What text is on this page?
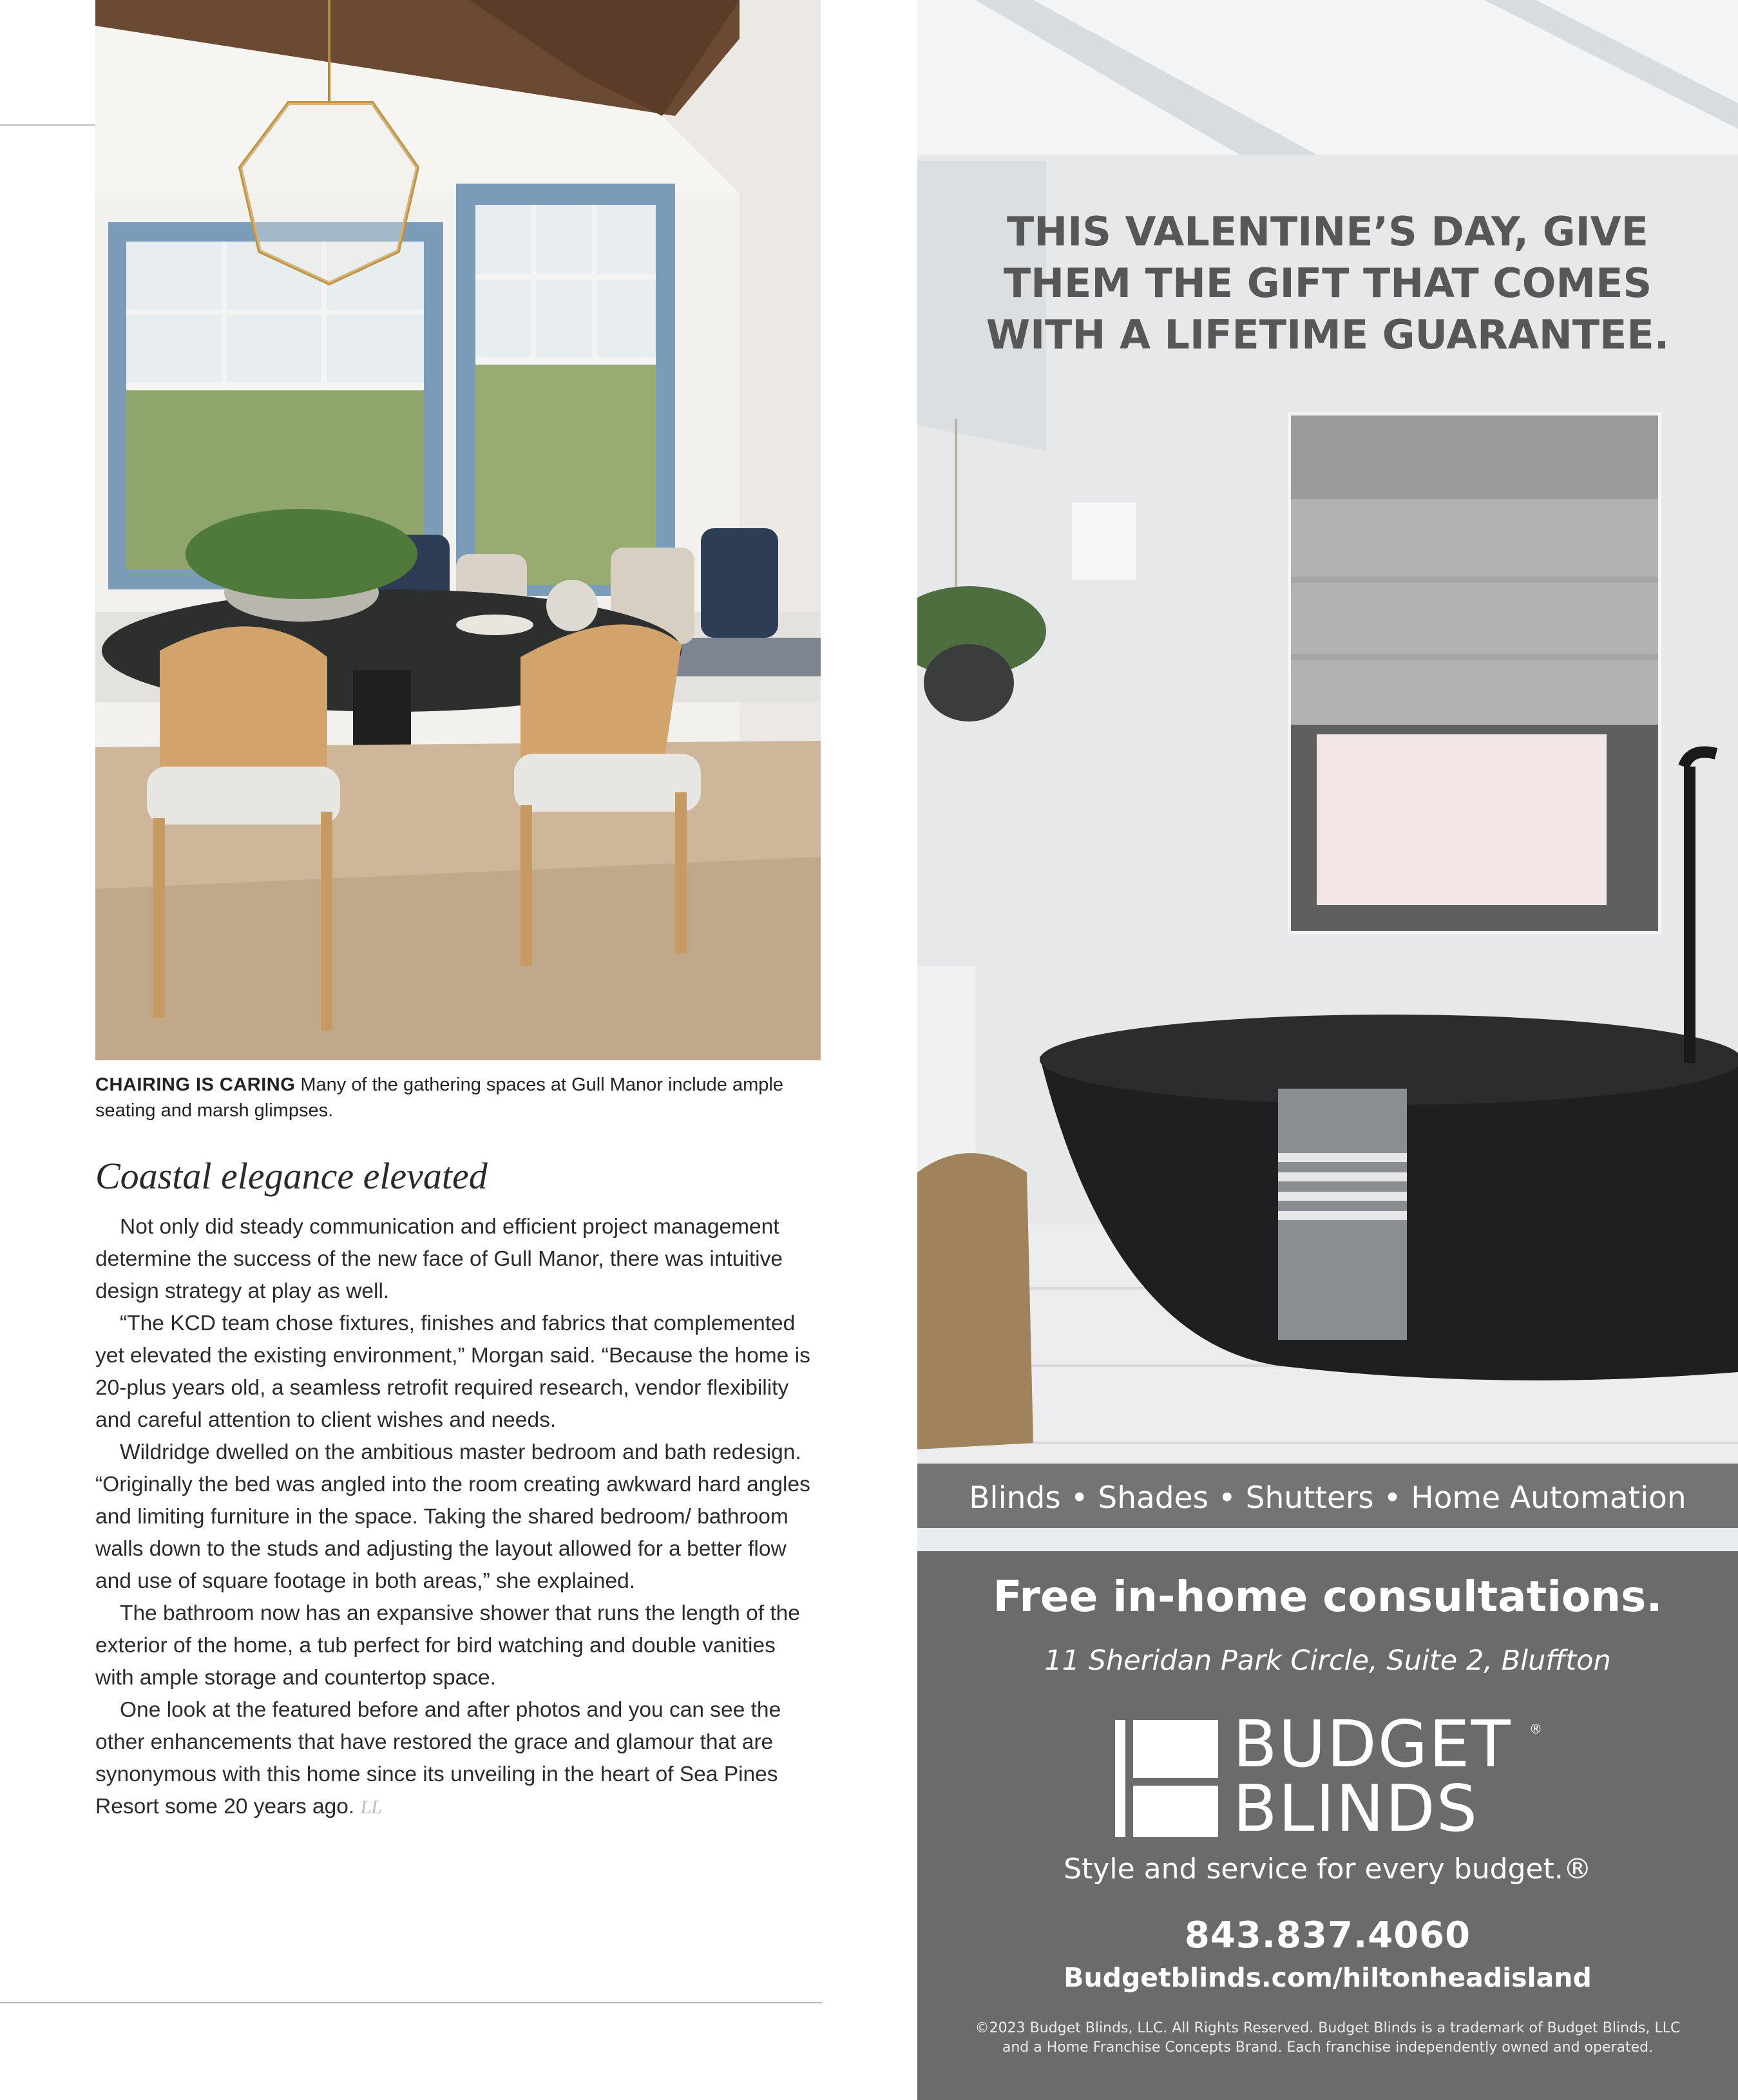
CHAIRING IS CARING Many of the gathering spaces at Gull Manor include ample
seating and marsh glimpses.
Coastal elegance elevated

Not only did steady communication and efficient project management determine the success of the new face of Gull Manor, there was intuitive design strategy at play as well.

“The KCD team chose fixtures, finishes and fabrics that complemented yet elevated the existing environment,” Morgan said. “Because the home is 20-plus years old, a seamless retrofit required research, vendor flexibility and careful attention to client wishes and needs.

Wildridge dwelled on the ambitious master bedroom and bath redesign. “Originally the bed was angled into the room creating awkward hard angles and limiting furniture in the space. Taking the shared bedroom/ bathroom walls down to the studs and adjusting the layout allowed for a better flow and use of square footage in both areas,” she explained.

The bathroom now has an expansive shower that runs the length of the exterior of the home, a tub perfect for bird watching and double vanities with ample storage and countertop space.

One look at the featured before and after photos and you can see the other enhancements that have restored the grace and glamour that are synonymous with this home since its unveiling in the heart of Sea Pines Resort some 20 years ago. LL

THIS VALENTINE’S DAY, GIVE
THEM THE GIFT THAT COMES
WITH A LIFETIME GUARANTEE.
Blinds • Shades • Shutters • Home Automation
Free in-home consultations.
11 Sheridan Park Circle, Suite 2, Bluffton
BUDGET
BLINDS
®
Style and service for every budget.®
843.837.4060
Budgetblinds.com/hiltonheadisland
©2023 Budget Blinds, LLC. All Rights Reserved. Budget Blinds is a trademark of Budget Blinds, LLC
and a Home Franchise Concepts Brand. Each franchise independently owned and operated.
